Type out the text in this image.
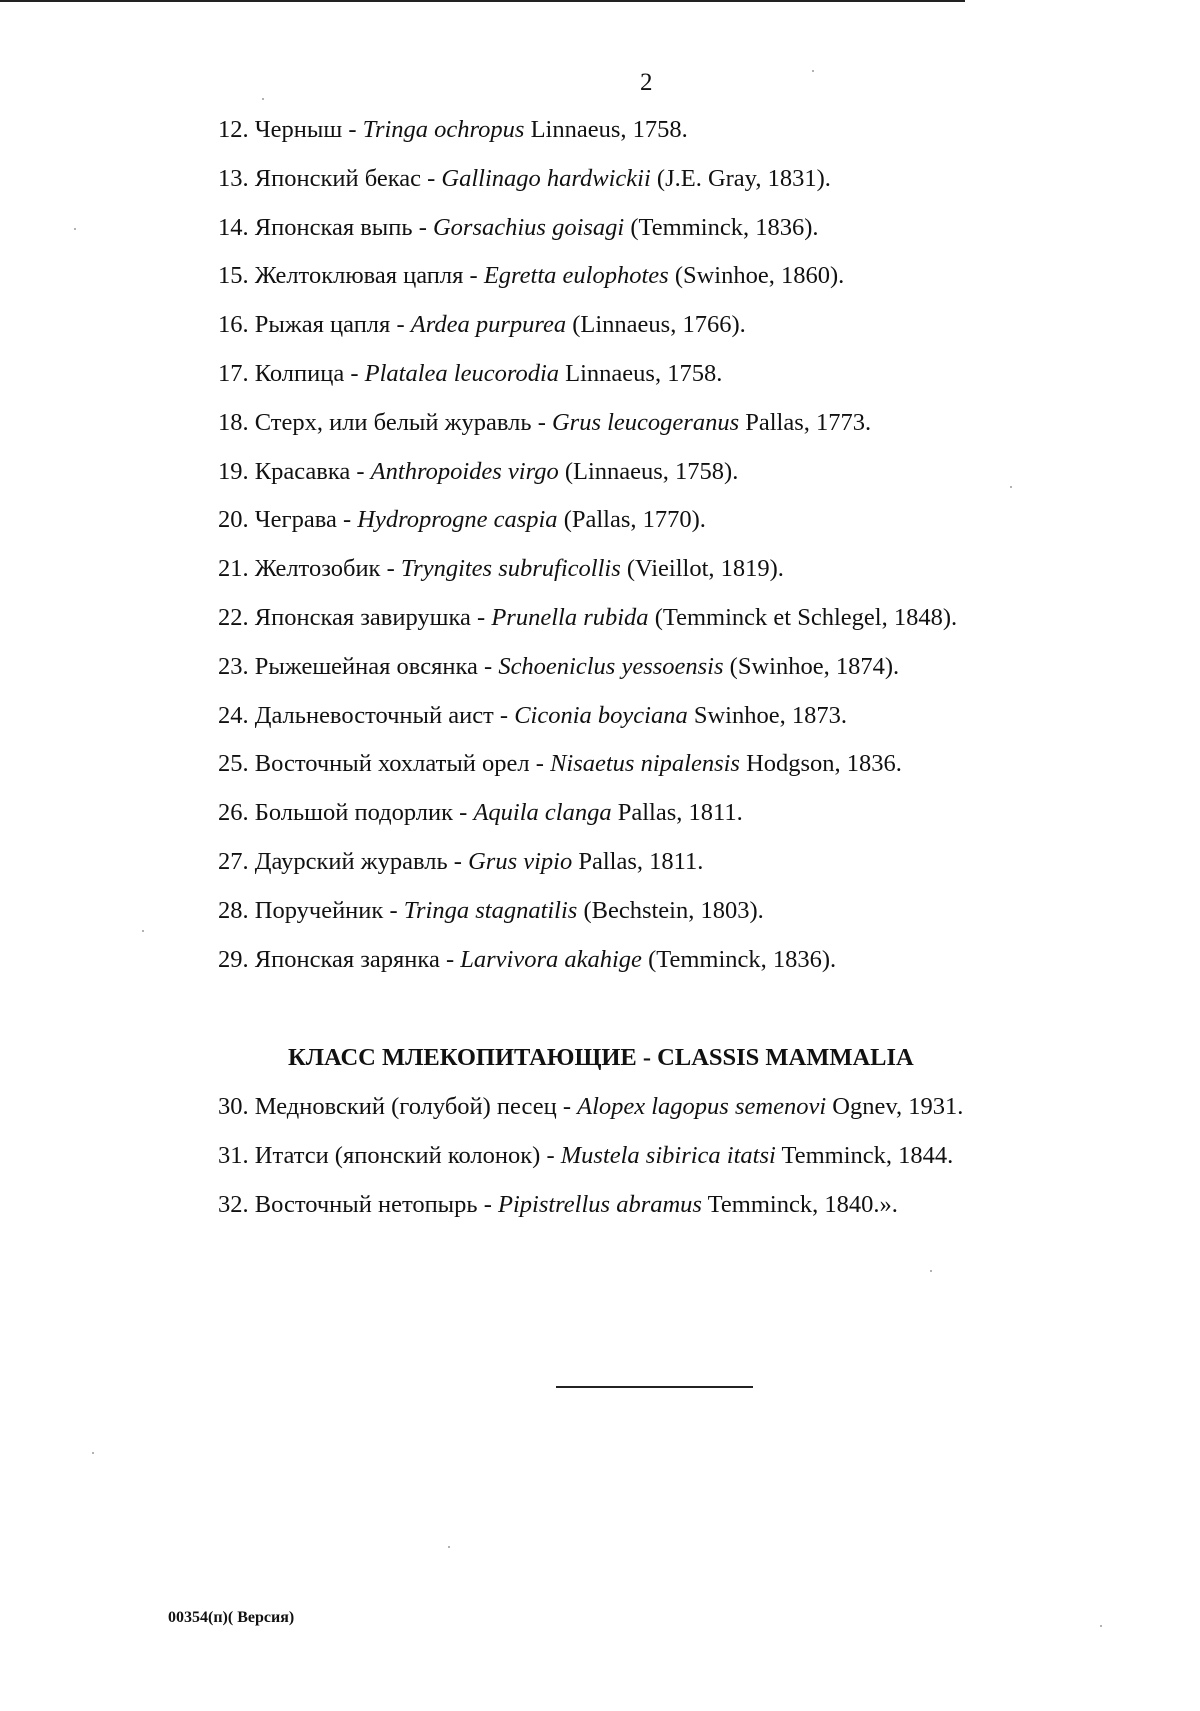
2
12. Черныш - Tringa ochropus Linnaeus, 1758.
13. Японский бекас - Gallinago hardwickii (J.E. Gray, 1831).
14. Японская выпь - Gorsachius goisagi (Temminck, 1836).
15. Желтоклювая цапля - Egretta eulophotes (Swinhoe, 1860).
16. Рыжая цапля - Ardea purpurea (Linnaeus, 1766).
17. Колпица - Platalea leucorodia Linnaeus, 1758.
18. Стерх, или белый журавль - Grus leucogeranus Pallas, 1773.
19. Красавка - Anthropoides virgo (Linnaeus, 1758).
20. Чеграва - Hydroprogne caspia (Pallas, 1770).
21. Желтозобик - Tryngites subruficollis (Vieillot, 1819).
22. Японская завирушка - Prunella rubida (Temminck et Schlegel, 1848).
23. Рыжешейная овсянка - Schoeniclus yessoensis (Swinhoe, 1874).
24. Дальневосточный аист - Ciconia boyciana Swinhoe, 1873.
25. Восточный хохлатый орел - Nisaetus nipalensis Hodgson, 1836.
26. Большой подорлик - Aquila clanga Pallas, 1811.
27. Даурский журавль - Grus vipio Pallas, 1811.
28. Поручейник - Tringa stagnatilis (Bechstein, 1803).
29. Японская зарянка - Larvivora akahige (Temminck, 1836).
КЛАСС МЛЕКОПИТАЮЩИЕ - CLASSIS MAMMALIA
30. Медновский (голубой) песец - Alopex lagopus semenovi Ognev, 1931.
31. Итатси (японский колонок) - Mustela sibirica itatsi Temminck, 1844.
32. Восточный нетопырь - Pipistrellus abramus Temminck, 1840.».
00354(п)( Версия)
